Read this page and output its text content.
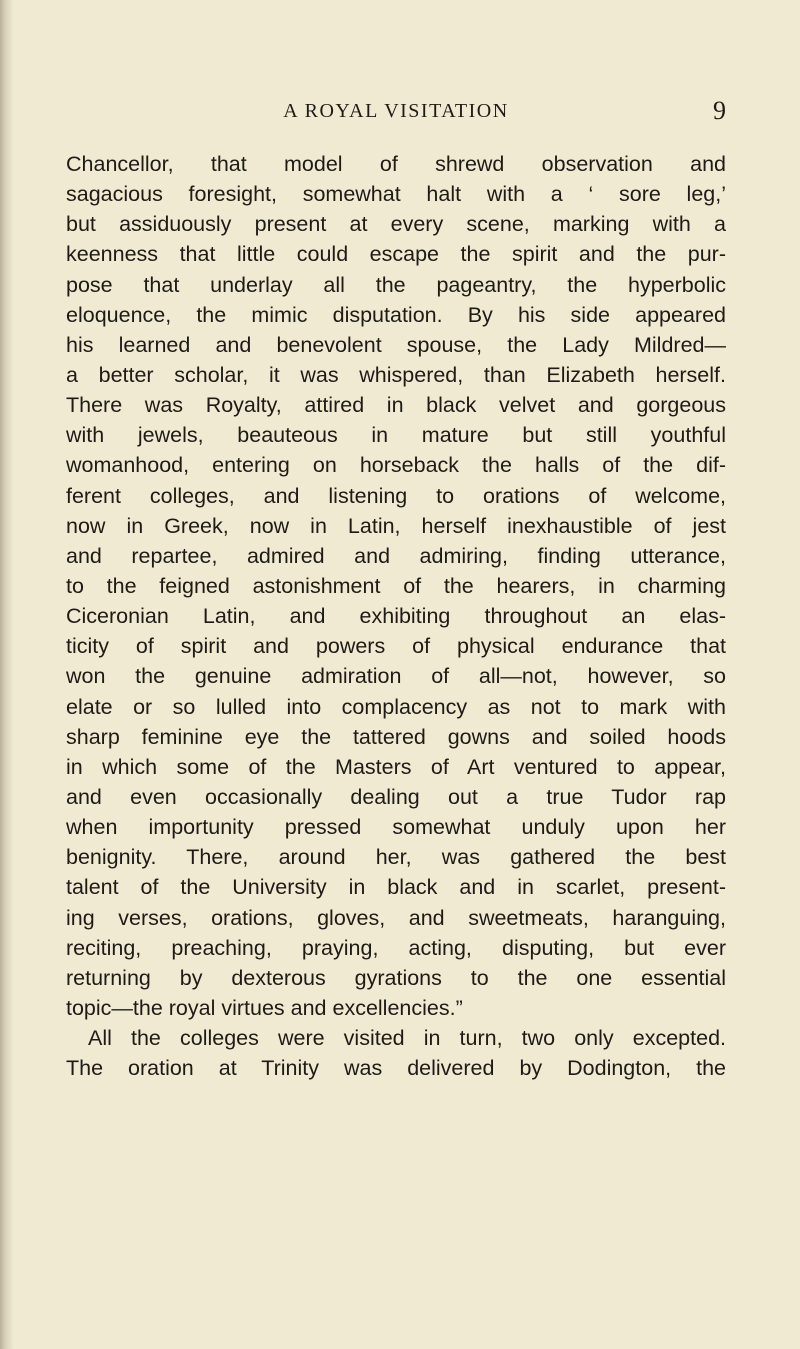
A ROYAL VISITATION	9
Chancellor, that model of shrewd observation and
sagacious foresight, somewhat halt with a ‘ sore leg,’
but assiduously present at every scene, marking with a
keenness that little could escape the spirit and the pur-
pose that underlay all the pageantry, the hyperbolic
eloquence, the mimic disputation. By his side appeared
his learned and benevolent spouse, the Lady Mildred—
a better scholar, it was whispered, than Elizabeth herself.
There was Royalty, attired in black velvet and gorgeous
with jewels, beauteous in mature but still youthful
womanhood, entering on horseback the halls of the dif-
ferent colleges, and listening to orations of welcome,
now in Greek, now in Latin, herself inexhaustible of jest
and repartee, admired and admiring, finding utterance,
to the feigned astonishment of the hearers, in charming
Ciceronian Latin, and exhibiting throughout an elas-
ticity of spirit and powers of physical endurance that
won the genuine admiration of all—not, however, so
elate or so lulled into complacency as not to mark with
sharp feminine eye the tattered gowns and soiled hoods
in which some of the Masters of Art ventured to appear,
and even occasionally dealing out a true Tudor rap
when importunity pressed somewhat unduly upon her
benignity. There, around her, was gathered the best
talent of the University in black and in scarlet, present-
ing verses, orations, gloves, and sweetmeats, haranguing,
reciting, preaching, praying, acting, disputing, but ever
returning by dexterous gyrations to the one essential
topic—the royal virtues and excellencies.”
All the colleges were visited in turn, two only excepted.
The oration at Trinity was delivered by Dodington, the
